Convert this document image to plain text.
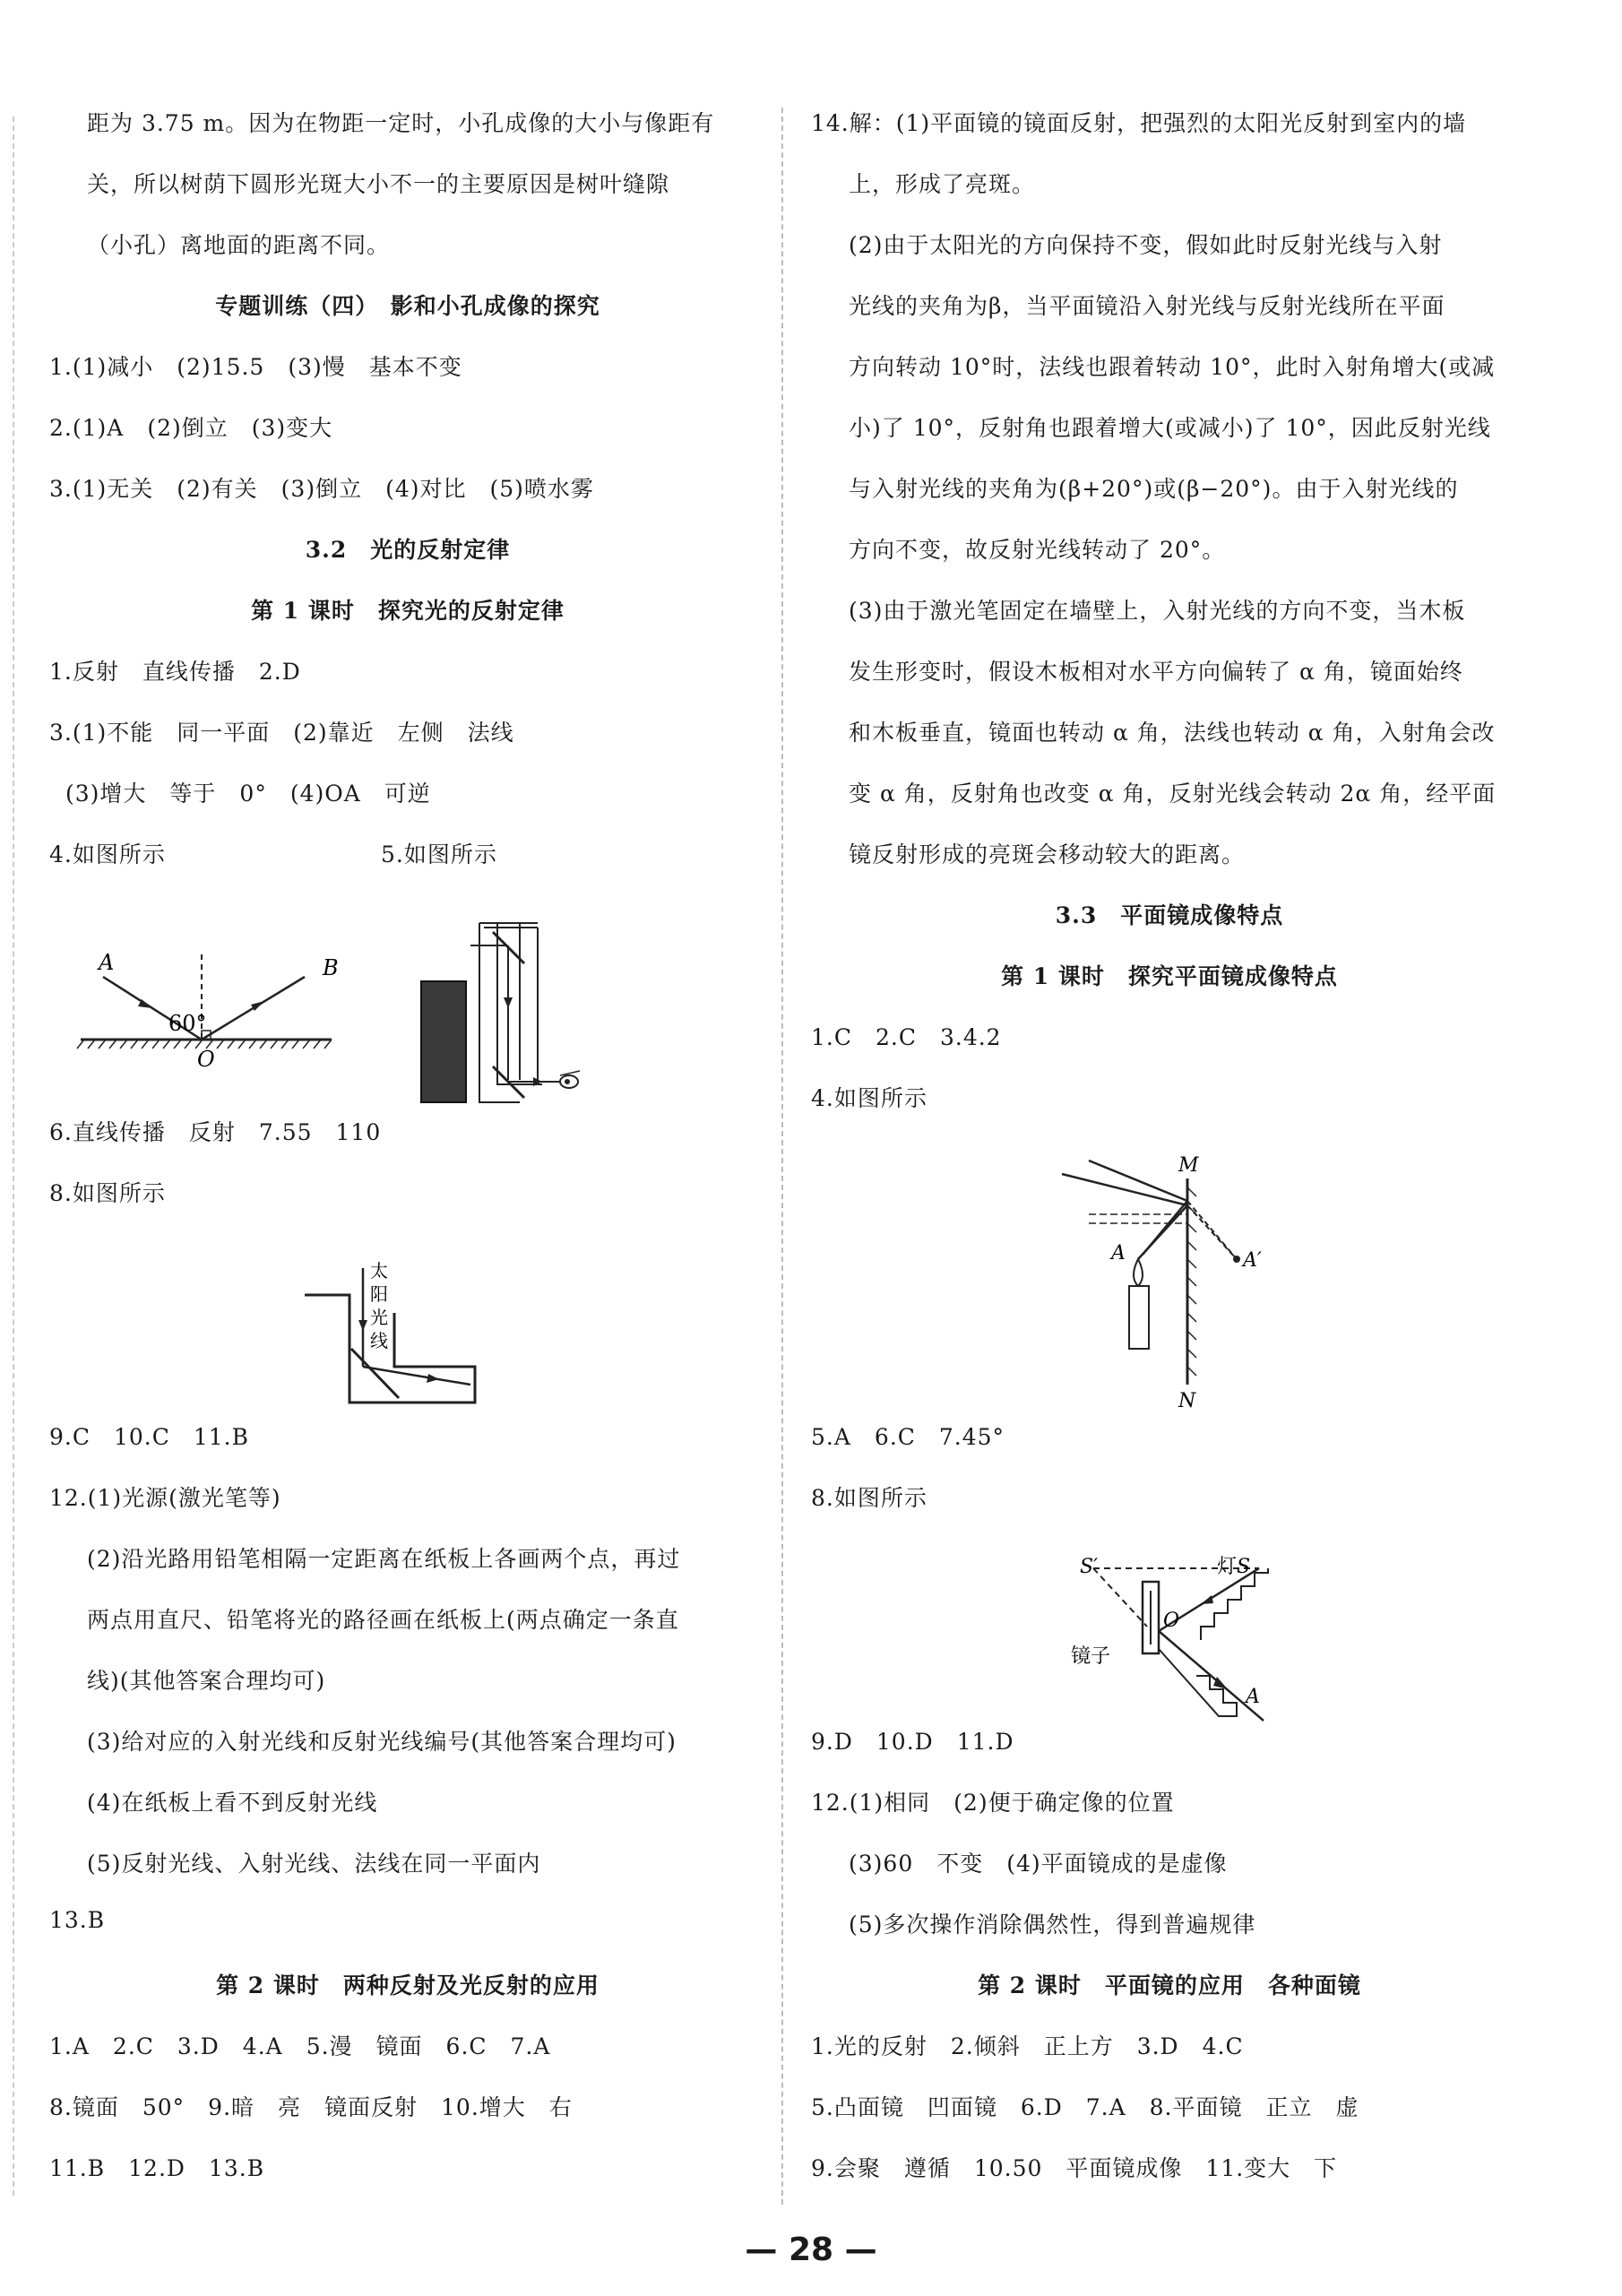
距为 3.75 m。因为在物距一定时，小孔成像的大小与像距有
关，所以树荫下圆形光斑大小不一的主要原因是树叶缝隙
（小孔）离地面的距离不同。
专题训练（四）　影和小孔成像的探究
1.(1)减小　(2)15.5　(3)慢　基本不变
2.(1)A　(2)倒立　(3)变大
3.(1)无关　(2)有关　(3)倒立　(4)对比　(5)喷水雾
3.2　光的反射定律
第 1 课时　探究光的反射定律
1.反射　直线传播　2.D
3.(1)不能　同一平面　(2)靠近　左侧　法线
(3)增大　等于　0°　(4)OA　可逆
4.如图所示	5.如图所示
6.直线传播　反射　7.55　110
8.如图所示
9.C　10.C　11.B
12.(1)光源(激光笔等)
(2)沿光路用铅笔相隔一定距离在纸板上各画两个点，再过
两点用直尺、铅笔将光的路径画在纸板上(两点确定一条直
线)(其他答案合理均可)
(3)给对应的入射光线和反射光线编号(其他答案合理均可)
(4)在纸板上看不到反射光线
(5)反射光线、入射光线、法线在同一平面内
13.B
第 2 课时　两种反射及光反射的应用
1.A　2.C　3.D　4.A　5.漫　镜面　6.C　7.A
8.镜面　50°　9.暗　亮　镜面反射　10.增大　右
11.B　12.D　13.B
14.解：(1)平面镜的镜面反射，把强烈的太阳光反射到室内的墙
上，形成了亮斑。
(2)由于太阳光的方向保持不变，假如此时反射光线与入射
光线的夹角为β，当平面镜沿入射光线与反射光线所在平面
方向转动 10°时，法线也跟着转动 10°，此时入射角增大(或减
小)了 10°，反射角也跟着增大(或减小)了 10°，因此反射光线
与入射光线的夹角为(β+20°)或(β−20°)。由于入射光线的
方向不变，故反射光线转动了 20°。
(3)由于激光笔固定在墙壁上，入射光线的方向不变，当木板
发生形变时，假设木板相对水平方向偏转了 α 角，镜面始终
和木板垂直，镜面也转动 α 角，法线也转动 α 角，入射角会改
变 α 角，反射角也改变 α 角，反射光线会转动 2α 角，经平面
镜反射形成的亮斑会移动较大的距离。
3.3　平面镜成像特点
第 1 课时　探究平面镜成像特点
1.C　2.C　3.4.2
4.如图所示
5.A　6.C　7.45°
8.如图所示
9.D　10.D　11.D
12.(1)相同　(2)便于确定像的位置
(3)60　不变　(4)平面镜成的是虚像
(5)多次操作消除偶然性，得到普遍规律
第 2 课时　平面镜的应用　各种面镜
1.光的反射　2.倾斜　正上方　3.D　4.C
5.凸面镜　凹面镜　6.D　7.A　8.平面镜　正立　虚
9.会聚　遵循　10.50　平面镜成像　11.变大　下
A	B
O
60°
太
阳
光
线
M
N
A	A′
S′	灯 S
O
A
镜子
— 28 —
